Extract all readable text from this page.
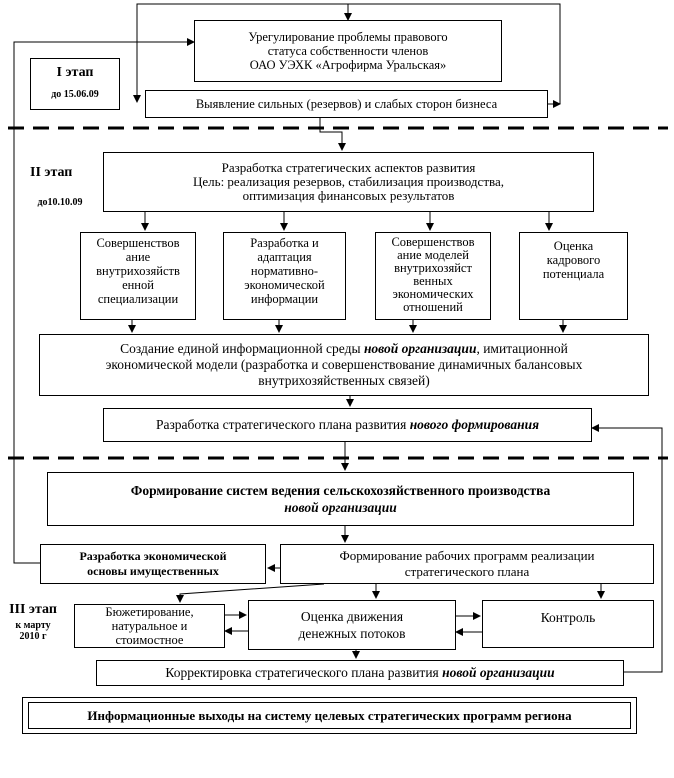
I этап
до 15.06.09
II этап
до10.10.09
III этап
к марту
2010 г
Урегулирование проблемы правового
статуса собственности членов
ОАО УЭХК «Агрофирма Уральская»
Выявление сильных (резервов) и слабых сторон бизнеса
Разработка стратегических аспектов развития
Цель: реализация резервов, стабилизация производства,
оптимизация финансовых результатов
Совершенствов
ание
внутрихозяйств
енной
специализации
Разработка и
адаптация
нормативно-
экономической
информации
Совершенствов
ание моделей
внутрихозяйст
венных
экономических
отношений
Оценка
кадрового
потенциала
Создание единой информационной среды новой организации, имитационной
экономической модели (разработка и совершенствование динамичных балансовых
внутрихозяйственных связей)
Разработка стратегического плана развития нового формирования
Формирование систем ведения сельскохозяйственного производства
новой организации
Разработка экономической
основы имущественных
Формирование рабочих программ реализации
стратегического плана
Бюжетирование,
натуральное и
стоимостное
Оценка движения
денежных потоков
Контроль
Корректировка стратегического плана развития новой организации
Информационные выходы на систему целевых стратегических программ региона
